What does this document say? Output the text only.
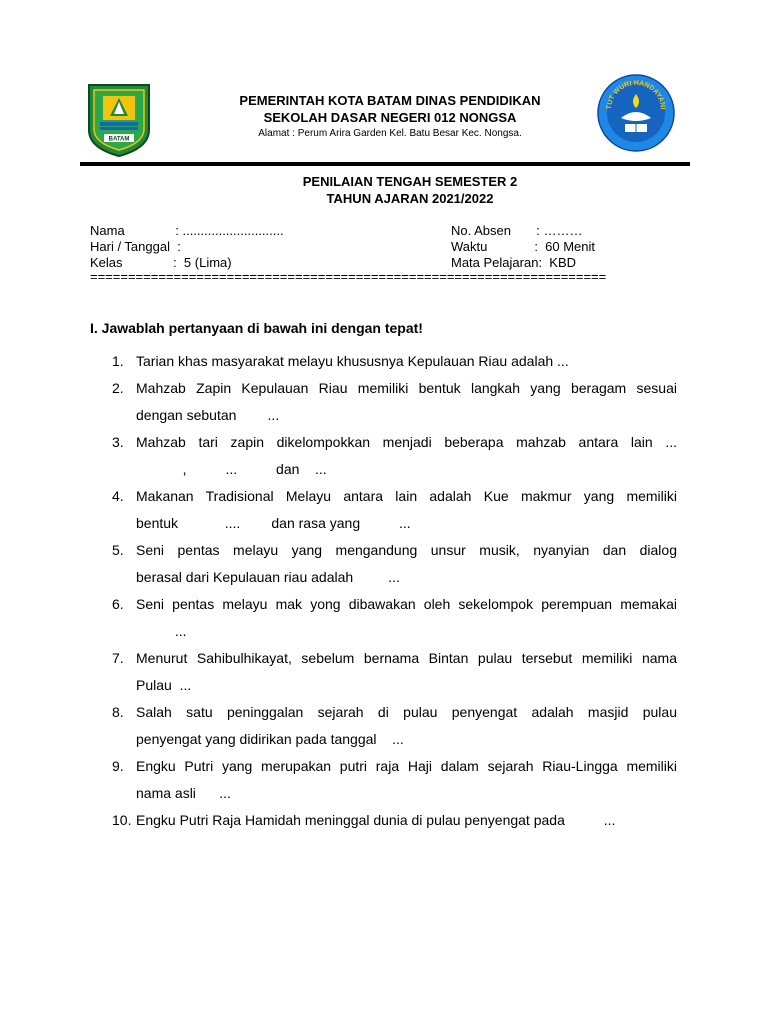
BATAM
TUT WURI HANDAYANI
PEMERINTAH KOTA BATAM DINAS PENDIDIKAN
SEKOLAH DASAR NEGERI 012 NONGSA
Alamat : Perum Arira Garden Kel. Batu Besar Kec. Nongsa.
PENILAIAN TENGAH SEMESTER 2
TAHUN AJARAN 2021/2022
Nama              : ............................
Hari / Tanggal  :
Kelas              :  5 (Lima)
No. Absen       : ………
Waktu             :  60 Menit
Mata Pelajaran:  KBD
====================================================================
I. Jawablah pertanyaan di bawah ini dengan tepat!
1. Tarian khas masyarakat melayu khususnya Kepulauan Riau adalah ...
2. Mahzab Zapin Kepulauan Riau memiliki bentuk langkah yang beragam sesuai
dengan sebutan        ...
3. Mahzab tari zapin dikelompokkan menjadi beberapa mahzab antara lain ...
,          ...          dan    ...
4. Makanan Tradisional Melayu antara lain adalah Kue makmur yang memiliki
bentuk            ....        dan rasa yang          ...
5. Seni pentas melayu yang mengandung unsur musik, nyanyian dan dialog
berasal dari Kepulauan riau adalah         ...
6. Seni pentas melayu mak yong dibawakan oleh sekelompok perempuan memakai
...
7. Menurut Sahibulhikayat, sebelum bernama Bintan pulau tersebut memiliki nama
Pulau  ...
8. Salah satu peninggalan sejarah di pulau penyengat adalah masjid pulau
penyengat yang didirikan pada tanggal    ...
9. Engku Putri yang merupakan putri raja Haji dalam sejarah Riau-Lingga memiliki
nama asli      ...
10. Engku Putri Raja Hamidah meninggal dunia di pulau penyengat pada          ...
